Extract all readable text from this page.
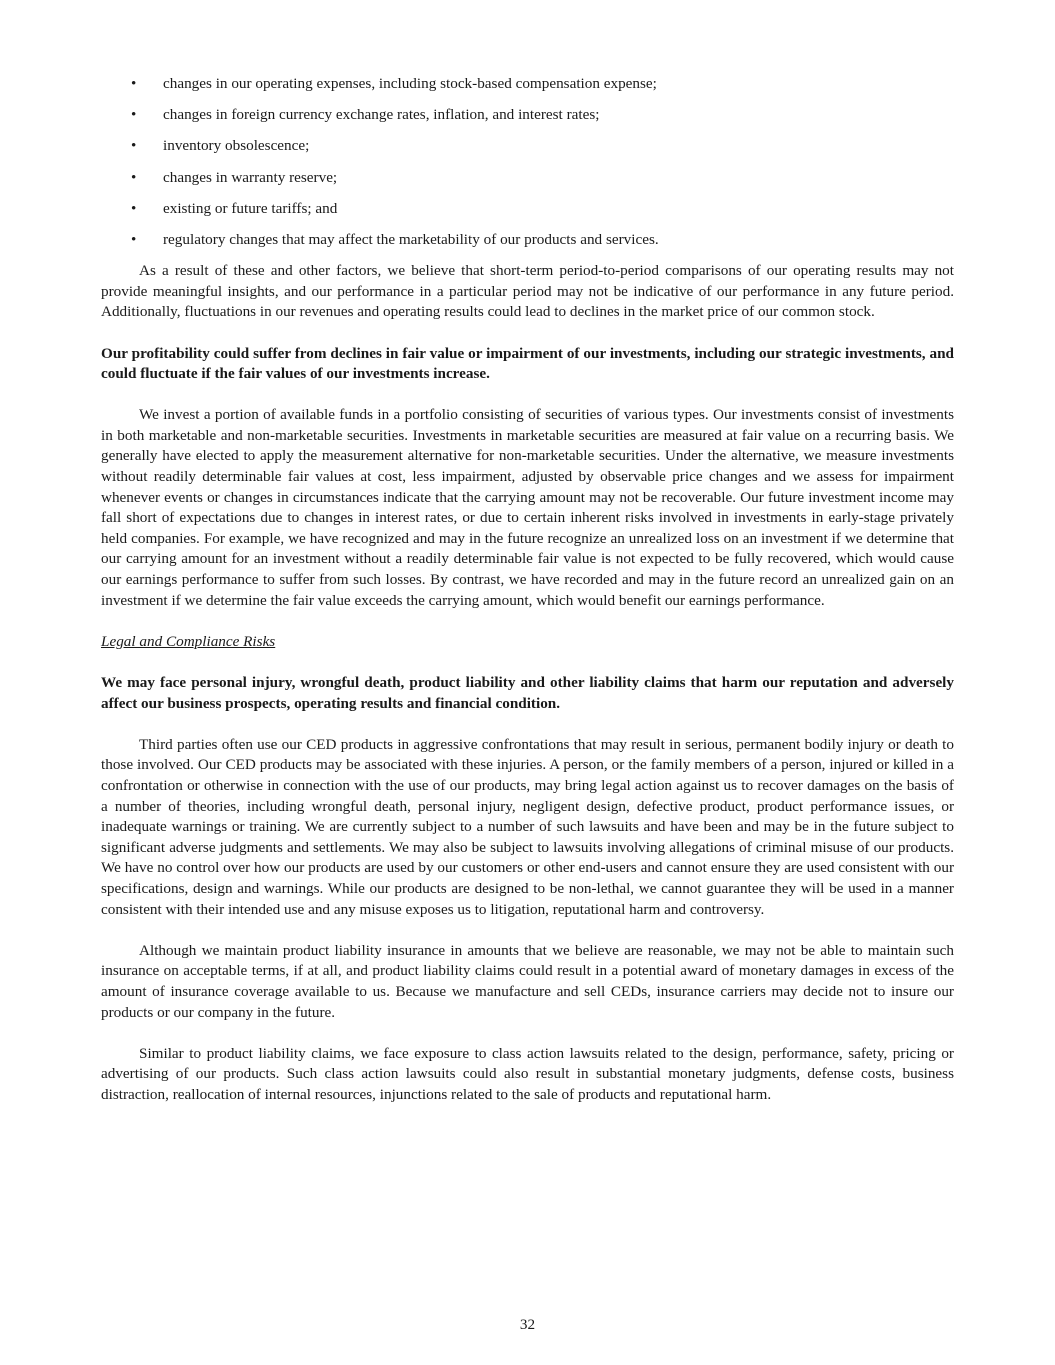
• changes in our operating expenses, including stock-based compensation expense;
• changes in foreign currency exchange rates, inflation, and interest rates;
• inventory obsolescence;
• changes in warranty reserve;
• existing or future tariffs; and
• regulatory changes that may affect the marketability of our products and services.

As a result of these and other factors, we believe that short-term period-to-period comparisons of our operating results may not provide meaningful insights, and our performance in a particular period may not be indicative of our performance in any future period. Additionally, fluctuations in our revenues and operating results could lead to declines in the market price of our common stock.

Our profitability could suffer from declines in fair value or impairment of our investments, including our strategic investments, and could fluctuate if the fair values of our investments increase.

We invest a portion of available funds in a portfolio consisting of securities of various types. Our investments consist of investments in both marketable and non-marketable securities. Investments in marketable securities are measured at fair value on a recurring basis. We generally have elected to apply the measurement alternative for non-marketable securities. Under the alternative, we measure investments without readily determinable fair values at cost, less impairment, adjusted by observable price changes and we assess for impairment whenever events or changes in circumstances indicate that the carrying amount may not be recoverable. Our future investment income may fall short of expectations due to changes in interest rates, or due to certain inherent risks involved in investments in early-stage privately held companies. For example, we have recognized and may in the future recognize an unrealized loss on an investment if we determine that our carrying amount for an investment without a readily determinable fair value is not expected to be fully recovered, which would cause our earnings performance to suffer from such losses. By contrast, we have recorded and may in the future record an unrealized gain on an investment if we determine the fair value exceeds the carrying amount, which would benefit our earnings performance.

Legal and Compliance Risks

We may face personal injury, wrongful death, product liability and other liability claims that harm our reputation and adversely affect our business prospects, operating results and financial condition.

Third parties often use our CED products in aggressive confrontations that may result in serious, permanent bodily injury or death to those involved. Our CED products may be associated with these injuries. A person, or the family members of a person, injured or killed in a confrontation or otherwise in connection with the use of our products, may bring legal action against us to recover damages on the basis of a number of theories, including wrongful death, personal injury, negligent design, defective product, product performance issues, or inadequate warnings or training. We are currently subject to a number of such lawsuits and have been and may be in the future subject to significant adverse judgments and settlements. We may also be subject to lawsuits involving allegations of criminal misuse of our products. We have no control over how our products are used by our customers or other end-users and cannot ensure they are used consistent with our specifications, design and warnings. While our products are designed to be non-lethal, we cannot guarantee they will be used in a manner consistent with their intended use and any misuse exposes us to litigation, reputational harm and controversy.

Although we maintain product liability insurance in amounts that we believe are reasonable, we may not be able to maintain such insurance on acceptable terms, if at all, and product liability claims could result in a potential award of monetary damages in excess of the amount of insurance coverage available to us. Because we manufacture and sell CEDs, insurance carriers may decide not to insure our products or our company in the future.

Similar to product liability claims, we face exposure to class action lawsuits related to the design, performance, safety, pricing or advertising of our products. Such class action lawsuits could also result in substantial monetary judgments, defense costs, business distraction, reallocation of internal resources, injunctions related to the sale of products and reputational harm.

32
